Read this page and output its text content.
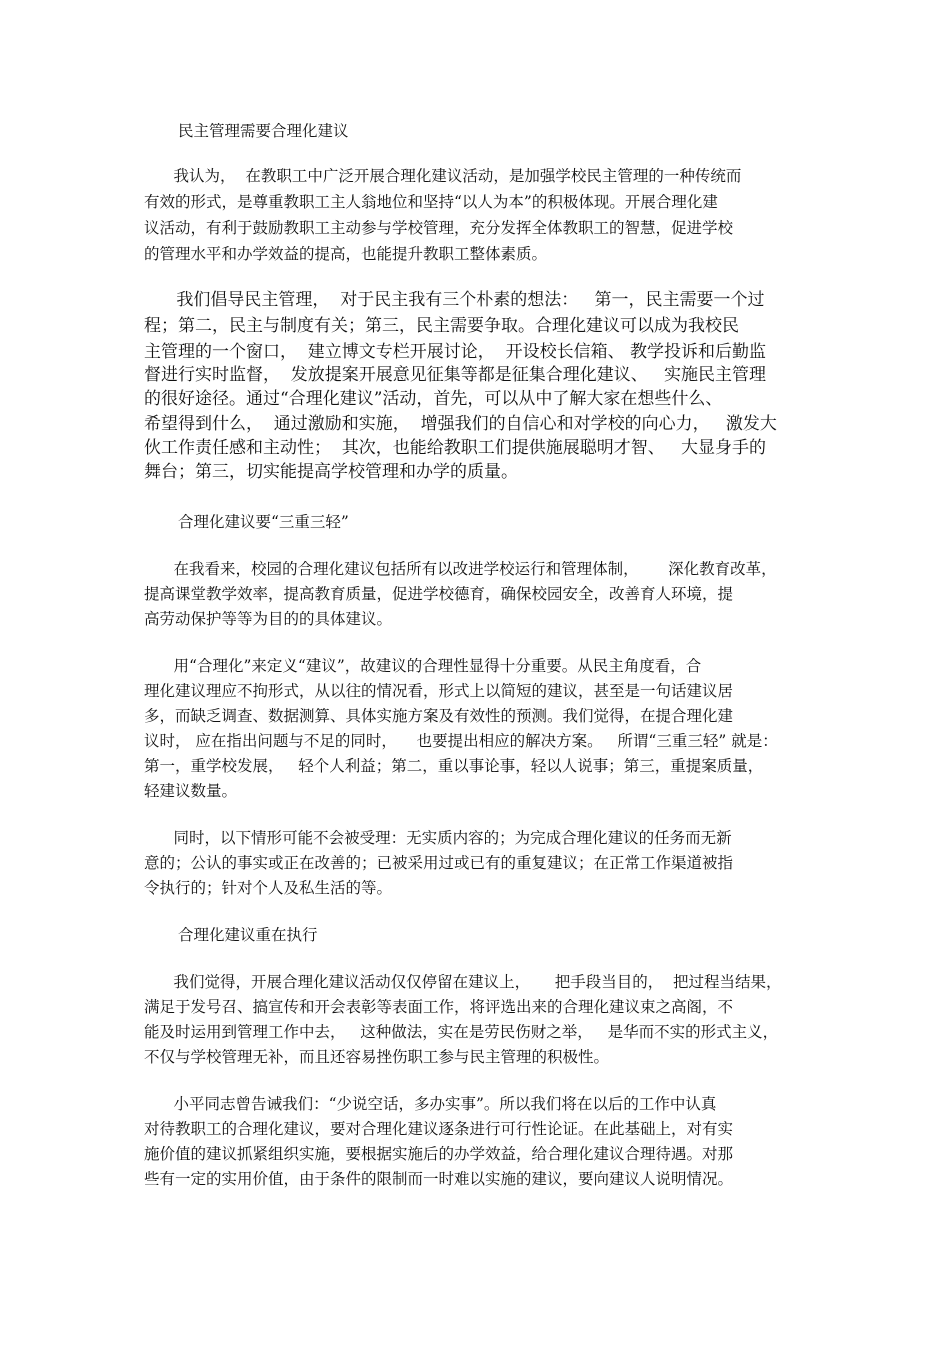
民主管理需要合理化建议
我认为，  在教职工中广泛开展合理化建议活动，是加强学校民主管理的一种传统而
有效的形式，是尊重教职工主人翁地位和坚持“以人为本”的积极体现。开展合理化建
议活动，有利于鼓励教职工主动参与学校管理，充分发挥全体教职工的智慧，促进学校
的管理水平和办学效益的提高，也能提升教职工整体素质。
我们倡导民主管理，  对于民主我有三个朴素的想法：   第一，民主需要一个过
程；第二，民主与制度有关；第三，民主需要争取。合理化建议可以成为我校民
主管理的一个窗口，  建立博文专栏开展讨论，  开设校长信箱、 教学投诉和后勤监
督进行实时监督，  发放提案开展意见征集等都是征集合理化建议、   实施民主管理
的很好途径。通过“合理化建议”活动，首先，可以从中了解大家在想些什么、
希望得到什么，  通过激励和实施，  增强我们的自信心和对学校的向心力，   激发大
伙工作责任感和主动性；  其次，也能给教职工们提供施展聪明才智、   大显身手的
舞台；第三，切实能提高学校管理和办学的质量。
合理化建议要“三重三轻”
在我看来，校园的合理化建议包括所有以改进学校运行和管理体制，      深化教育改革，
提高课堂教学效率，提高教育质量，促进学校德育，确保校园安全，改善育人环境，提
高劳动保护等等为目的的具体建议。
用“合理化”来定义“建议”，故建议的合理性显得十分重要。从民主角度看，合
理化建议理应不拘形式，从以往的情况看，形式上以简短的建议，甚至是一句话建议居
多，而缺乏调查、数据测算、具体实施方案及有效性的预测。我们觉得，在提合理化建
议时， 应在指出问题与不足的同时，    也要提出相应的解决方案。   所谓“三重三轻” 就是：
第一，重学校发展，   轻个人利益；第二，重以事论事，轻以人说事；第三，重提案质量，
轻建议数量。
同时，以下情形可能不会被受理：无实质内容的；为完成合理化建议的任务而无新
意的；公认的事实或正在改善的；已被采用过或已有的重复建议；在正常工作渠道被指
令执行的；针对个人及私生活的等。
合理化建议重在执行
我们觉得，开展合理化建议活动仅仅停留在建议上，     把手段当目的，  把过程当结果，
满足于发号召、搞宣传和开会表彰等表面工作，将评选出来的合理化建议束之高阁，不
能及时运用到管理工作中去，   这种做法，实在是劳民伤财之举，   是华而不实的形式主义，
不仅与学校管理无补，而且还容易挫伤职工参与民主管理的积极性。
小平同志曾告诫我们：“少说空话，多办实事”。所以我们将在以后的工作中认真
对待教职工的合理化建议，要对合理化建议逐条进行可行性论证。在此基础上，对有实
施价值的建议抓紧组织实施，要根据实施后的办学效益，给合理化建议合理待遇。对那
些有一定的实用价值，由于条件的限制而一时难以实施的建议，要向建议人说明情况。
